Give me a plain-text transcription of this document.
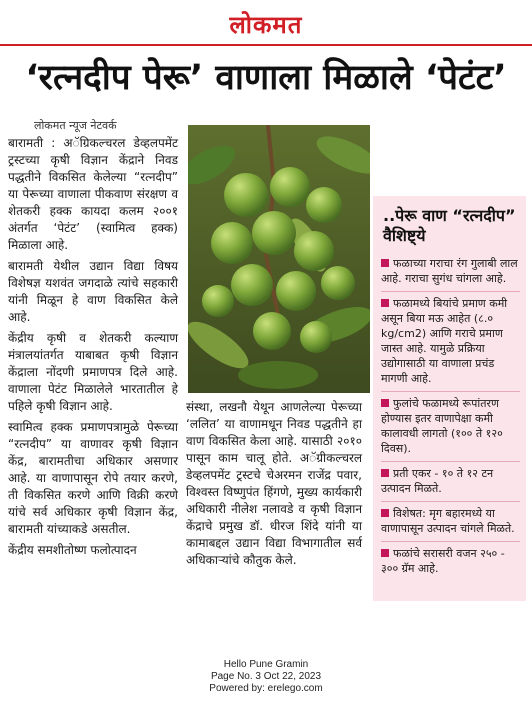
लोकमत
‘रत्नदीप पेरू’ वाणाला मिळाले ‘पेटंट’
लोकमत न्यूज नेटवर्क

बारामती : अॅग्रिकल्चरल डेव्हलपमेंट ट्रस्टच्या कृषी विज्ञान केंद्राने निवड पद्धतीने विकसित केलेल्या “रत्नदीप” या पेरूच्या वाणाला पीकवाण संरक्षण व शेतकरी हक्क कायदा कलम २००१ अंतर्गत ‘पेटंट’ (स्वामित्व हक्क) मिळाला आहे.

बारामती येथील उद्यान विद्या विषय विशेषज्ञ यशवंत जगदाळे त्यांचे सहकारी यांनी मिळून हे वाण विकसित केले आहे.

केंद्रीय कृषी व शेतकरी कल्याण मंत्रालयांतर्गत याबाबत कृषी विज्ञान केंद्राला नोंदणी प्रमाणपत्र दिले आहे. वाणाला पेटंट मिळालेले भारतातील हे पहिले कृषी विज्ञान आहे.

स्वामित्व हक्क प्रमाणपत्रामुळे पेरूच्या “रत्नदीप” या वाणावर कृषी विज्ञान केंद्र, बारामतीचा अधिकार असणार आहे. या वाणापासून रोपे तयार करणे, ती विकसित करणे आणि विक्री करणे यांचे सर्व अधिकार कृषी विज्ञान केंद्र, बारामती यांच्याकडे असतील.

केंद्रीय समशीतोष्ण फलोत्पादन

संस्था, लखनौ येथून आणलेल्या पेरूच्या ‘ललित’ या वाणामधून निवड पद्धतीने हा वाण विकसित केला आहे. यासाठी २०१० पासून काम चालू होते. अॅग्रीकल्चरल डेव्हलपमेंट ट्रस्टचे चेअरमन राजेंद्र पवार, विश्वस्त विष्णुपंत हिंगणे, मुख्य कार्यकारी अधिकारी नीलेश नलावडे व कृषी विज्ञान केंद्राचे प्रमुख डॉ. धीरज शिंदे यांनी या कामाबद्दल उद्यान विद्या विभागातील सर्व अधिकाऱ्यांचे कौतुक केले.

..पेरू वाण “रत्नदीप” वैशिष्ट्ये
फळाच्या गराचा रंग गुलाबी लाल आहे. गराचा सुगंध चांगला आहे.
फळामध्ये बियांचे प्रमाण कमी असून बिया मऊ आहेत (८.० kg/cm2) आणि गराचे प्रमाण जास्त आहे. यामुळे प्रक्रिया उद्योगासाठी या वाणाला प्रचंड मागणी आहे.
फुलांचे फळामध्ये रूपांतरण होण्यास इतर वाणापेक्षा कमी कालावधी लागतो (१०० ते १२० दिवस).
प्रती एकर - १० ते १२ टन उत्पादन मिळते.
विशेषत: मृग बहारमध्ये या वाणापासून उत्पादन चांगले मिळते.
फळांचे सरासरी वजन २५० - ३०० ग्रॅम आहे.
Hello Pune Gramin
Page No. 3 Oct 22, 2023
Powered by: erelego.com
